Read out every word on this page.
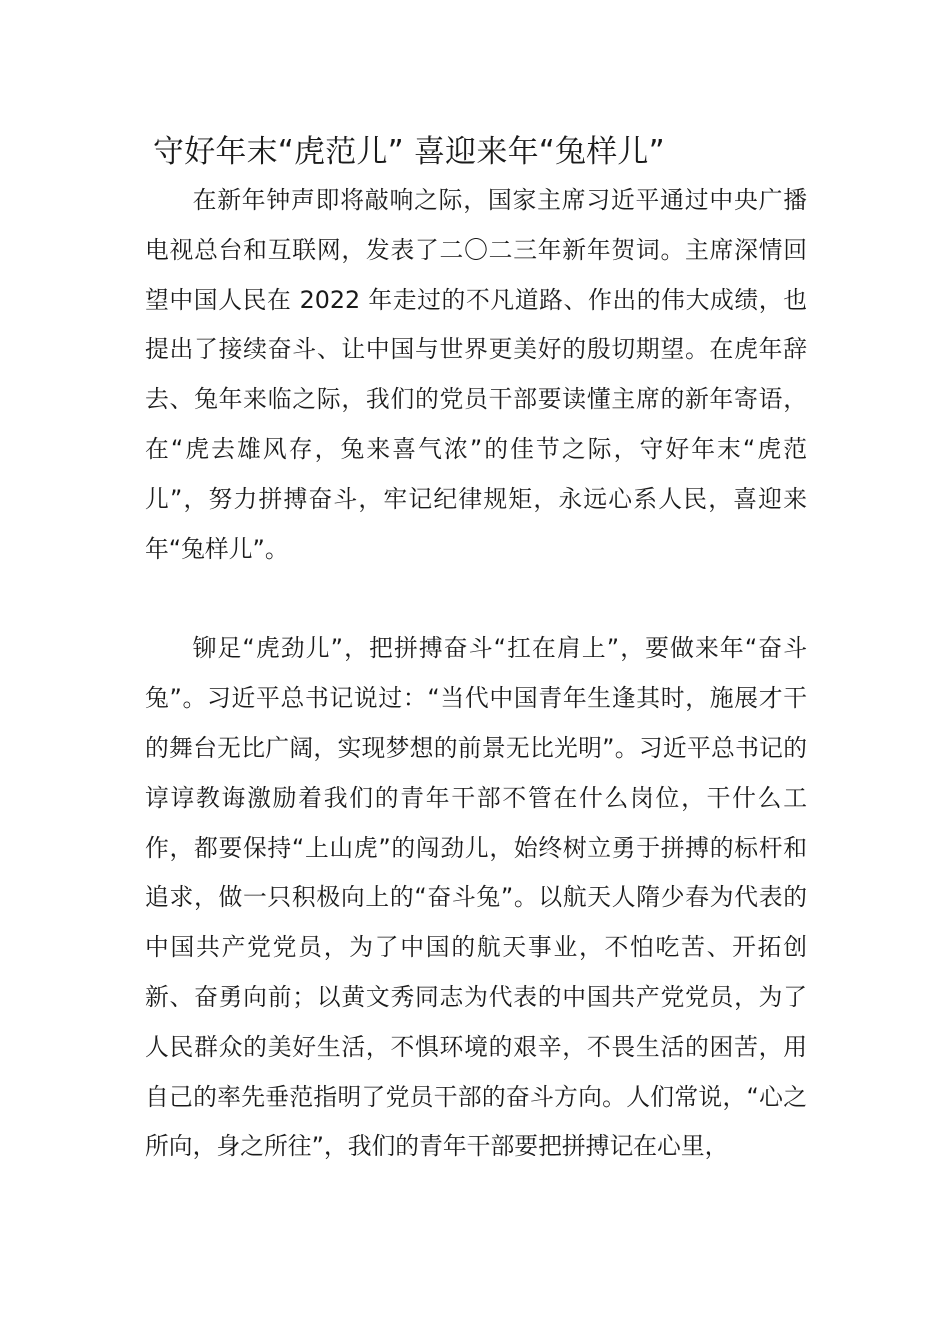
守好年末“虎范儿” 喜迎来年“兔样儿”

在新年钟声即将敲响之际，国家主席习近平通过中央广播电视总台和互联网，发表了二〇二三年新年贺词。主席深情回望中国人民在 2022 年走过的不凡道路、作出的伟大成绩，也提出了接续奋斗、让中国与世界更美好的殷切期望。在虎年辞去、兔年来临之际，我们的党员干部要读懂主席的新年寄语，在“虎去雄风存，兔来喜气浓”的佳节之际，守好年末“虎范儿”，努力拼搏奋斗，牢记纪律规矩，永远心系人民，喜迎来年“兔样儿”。

铆足“虎劲儿”，把拼搏奋斗“扛在肩上”，要做来年“奋斗兔”。习近平总书记说过：“当代中国青年生逢其时，施展才干的舞台无比广阔，实现梦想的前景无比光明”。习近平总书记的谆谆教诲激励着我们的青年干部不管在什么岗位，干什么工作，都要保持“上山虎”的闯劲儿，始终树立勇于拼搏的标杆和追求，做一只积极向上的“奋斗兔”。以航天人隋少春为代表的中国共产党党员，为了中国的航天事业，不怕吃苦、开拓创新、奋勇向前；以黄文秀同志为代表的中国共产党党员，为了人民群众的美好生活，不惧环境的艰辛，不畏生活的困苦，用自己的率先垂范指明了党员干部的奋斗方向。人们常说，“心之所向，身之所往”，我们的青年干部要把拼搏记在心里，
